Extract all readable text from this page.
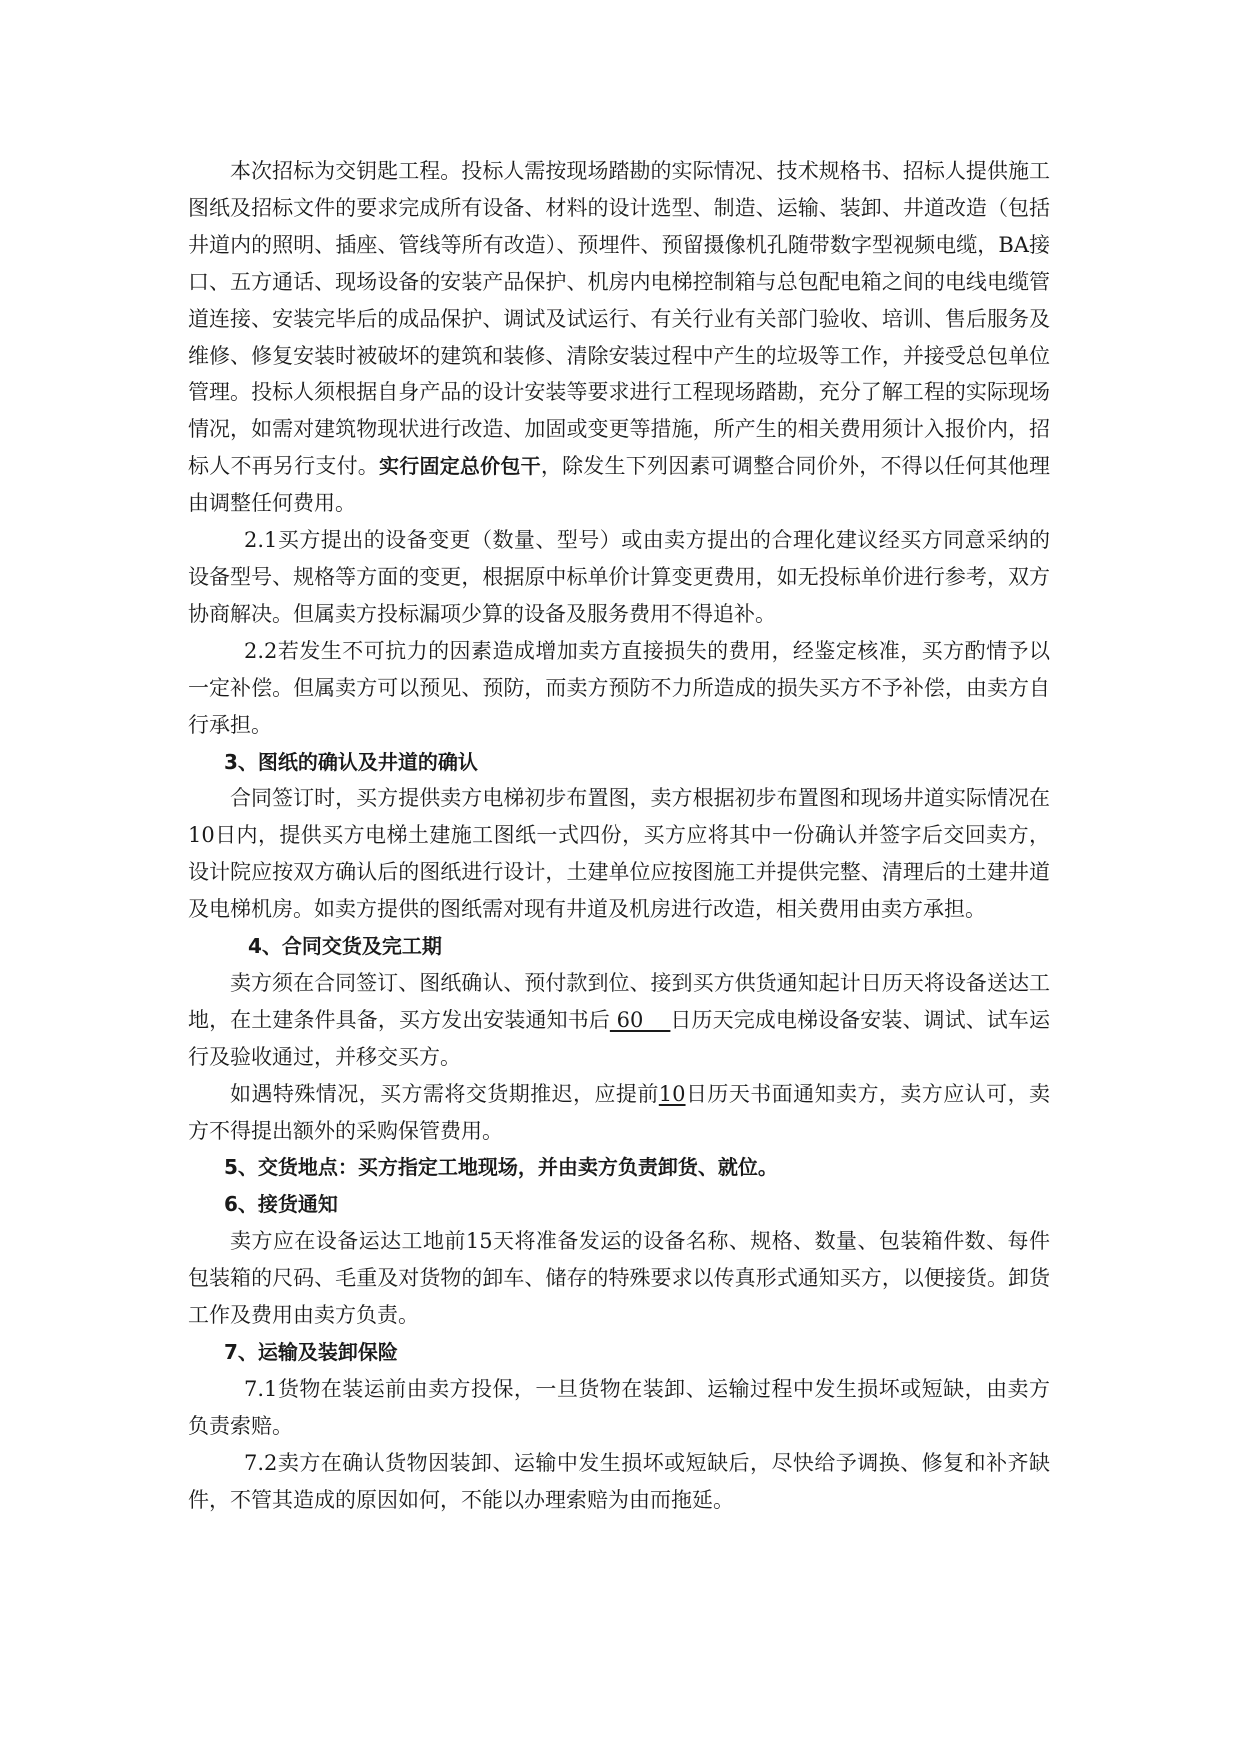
本次招标为交钥匙工程。投标人需按现场踏勘的实际情况、技术规格书、招标人提供施工图纸及招标文件的要求完成所有设备、材料的设计选型、制造、运输、装卸、井道改造（包括井道内的照明、插座、管线等所有改造）、预埋件、预留摄像机孔随带数字型视频电缆，BA接口、五方通话、现场设备的安装产品保护、机房内电梯控制箱与总包配电箱之间的电线电缆管道连接、安装完毕后的成品保护、调试及试运行、有关行业有关部门验收、培训、售后服务及维修、修复安装时被破坏的建筑和装修、清除安装过程中产生的垃圾等工作，并接受总包单位管理。投标人须根据自身产品的设计安装等要求进行工程现场踏勘，充分了解工程的实际现场情况，如需对建筑物现状进行改造、加固或变更等措施，所产生的相关费用须计入报价内，招标人不再另行支付。实行固定总价包干，除发生下列因素可调整合同价外，不得以任何其他理由调整任何费用。

2.1买方提出的设备变更（数量、型号）或由卖方提出的合理化建议经买方同意采纳的设备型号、规格等方面的变更，根据原中标单价计算变更费用，如无投标单价进行参考，双方协商解决。但属卖方投标漏项少算的设备及服务费用不得追补。

2.2若发生不可抗力的因素造成增加卖方直接损失的费用，经鉴定核准，买方酌情予以一定补偿。但属卖方可以预见、预防，而卖方预防不力所造成的损失买方不予补偿，由卖方自行承担。

3、图纸的确认及井道的确认

合同签订时，买方提供卖方电梯初步布置图，卖方根据初步布置图和现场井道实际情况在10日内，提供买方电梯土建施工图纸一式四份，买方应将其中一份确认并签字后交回卖方，设计院应按双方确认后的图纸进行设计，土建单位应按图施工并提供完整、清理后的土建井道及电梯机房。如卖方提供的图纸需对现有井道及机房进行改造，相关费用由卖方承担。

4、合同交货及完工期

卖方须在合同签订、图纸确认、预付款到位、接到买方供货通知起计日历天将设备送达工地，在土建条件具备，买方发出安装通知书后 60    日历天完成电梯设备安装、调试、试车运行及验收通过，并移交买方。

如遇特殊情况，买方需将交货期推迟，应提前10日历天书面通知卖方，卖方应认可，卖方不得提出额外的采购保管费用。

5、交货地点：买方指定工地现场，并由卖方负责卸货、就位。

6、接货通知

卖方应在设备运达工地前15天将准备发运的设备名称、规格、数量、包装箱件数、每件包装箱的尺码、毛重及对货物的卸车、储存的特殊要求以传真形式通知买方，以便接货。卸货工作及费用由卖方负责。

7、运输及装卸保险

7.1货物在装运前由卖方投保，一旦货物在装卸、运输过程中发生损坏或短缺，由卖方负责索赔。

7.2卖方在确认货物因装卸、运输中发生损坏或短缺后，尽快给予调换、修复和补齐缺件，不管其造成的原因如何，不能以办理索赔为由而拖延。
